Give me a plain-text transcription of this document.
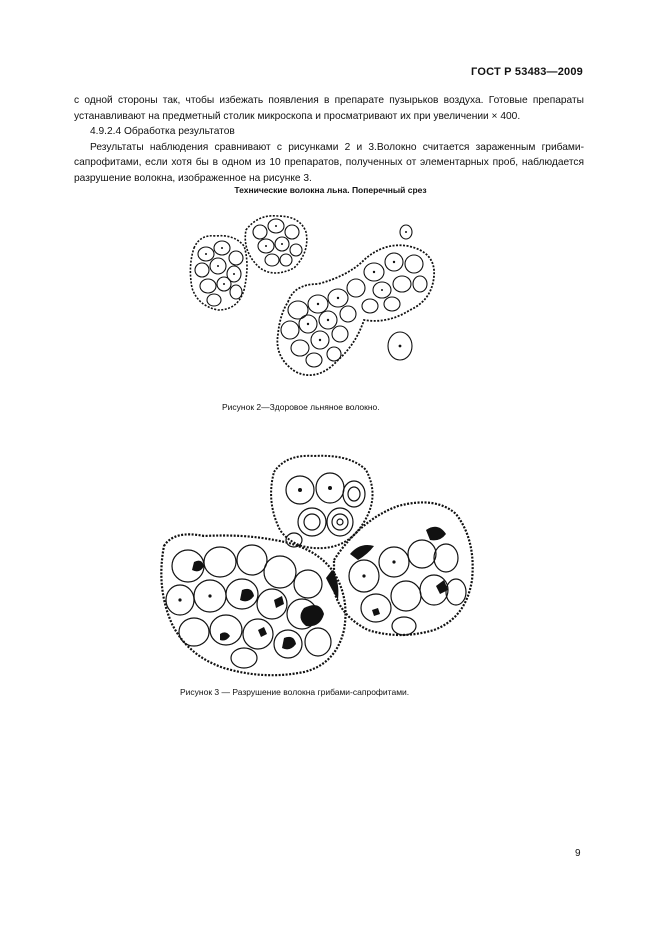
ГОСТ Р 53483—2009

с одной стороны так, чтобы избежать появления в препарате пузырьков воздуха. Готовые препараты устанавливают на предметный столик микроскопа и просматривают их при увеличении × 400.

4.9.2.4 Обработка результатов

Результаты наблюдения сравнивают с рисунками 2 и 3.Волокно считается зараженным грибами-сапрофитами, если хотя бы в одном из 10 препаратов, полученных от элементарных проб, наблюдается разрушение волокна, изображенное на рисунке 3.

Технические волокна льна. Поперечный срез
Рисунок 2—Здоровое льняное волокно.
Рисунок 3 — Разрушение волокна грибами-сапрофитами.
9
